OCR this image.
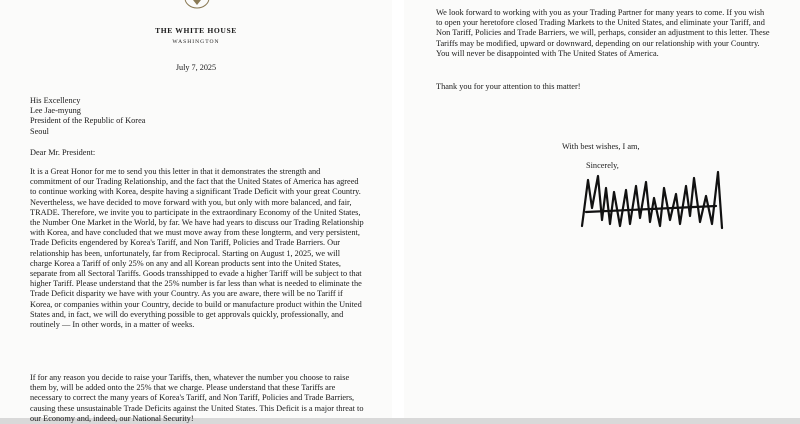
THE WHITE HOUSE
WASHINGTON
July 7, 2025
His Excellency
Lee Jae-myung
President of the Republic of Korea
Seoul
Dear Mr. President:

It is a Great Honor for me to send you this letter in that it demonstrates the strength and commitment of our Trading Relationship, and the fact that the United States of America has agreed to continue working with Korea, despite having a significant Trade Deficit with your great Country. Nevertheless, we have decided to move forward with you, but only with more balanced, and fair, TRADE. Therefore, we invite you to participate in the extraordinary Economy of the United States, the Number One Market in the World, by far. We have had years to discuss our Trading Relationship with Korea, and have concluded that we must move away from these longterm, and very persistent, Trade Deficits engendered by Korea's Tariff, and Non Tariff, Policies and Trade Barriers. Our relationship has been, unfortunately, far from Reciprocal. Starting on August 1, 2025, we will charge Korea a Tariff of only 25% on any and all Korean products sent into the United States, separate from all Sectoral Tariffs. Goods transshipped to evade a higher Tariff will be subject to that higher Tariff. Please understand that the 25% number is far less than what is needed to eliminate the Trade Deficit disparity we have with your Country. As you are aware, there will be no Tariff if Korea, or companies within your Country, decide to build or manufacture product within the United States and, in fact, we will do everything possible to get approvals quickly, professionally, and routinely — In other words, in a matter of weeks.

If for any reason you decide to raise your Tariffs, then, whatever the number you choose to raise them by, will be added onto the 25% that we charge. Please understand that these Tariffs are necessary to correct the many years of Korea's Tariff, and Non Tariff, Policies and Trade Barriers, causing these unsustainable Trade Deficits against the United States. This Deficit is a major threat to our Economy and, indeed, our National Security!

We look forward to working with you as your Trading Partner for many years to come. If you wish to open your heretofore closed Trading Markets to the United States, and eliminate your Tariff, and Non Tariff, Policies and Trade Barriers, we will, perhaps, consider an adjustment to this letter. These Tariffs may be modified, upward or downward, depending on our relationship with your Country. You will never be disappointed with The United States of America.

Thank you for your attention to this matter!
With best wishes, I am,
Sincerely,
